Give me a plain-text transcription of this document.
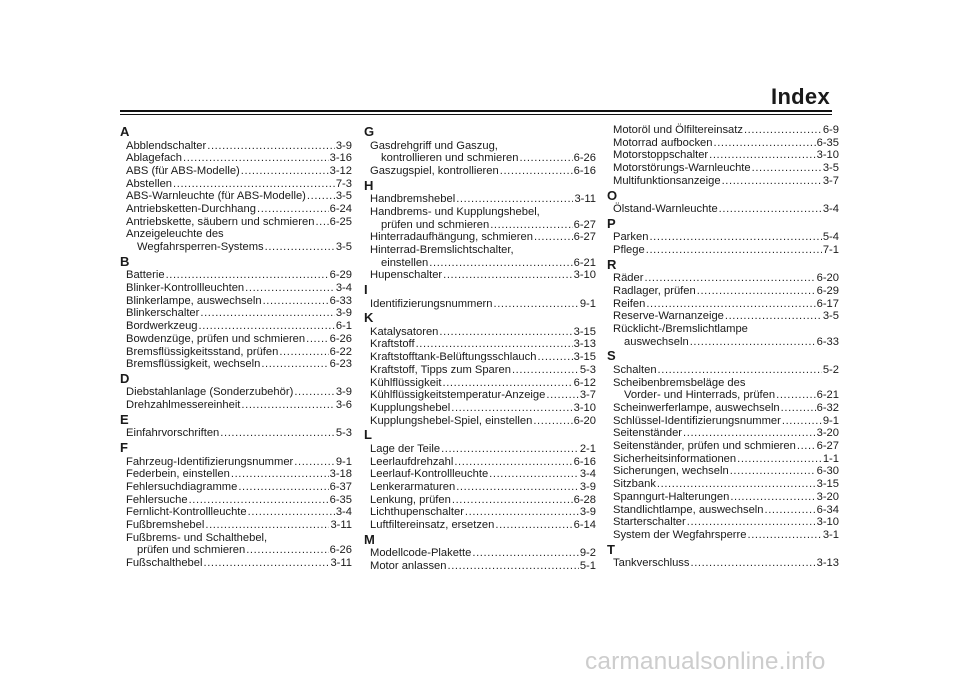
Index
A
Abblendschalter .....	3-9
Ablagefach .....	3-16
ABS (für ABS-Modelle) .....	3-12
Abstellen .....	7-3
ABS-Warnleuchte (für ABS-Modelle) .....	3-5
Antriebsketten-Durchhang .....	6-24
Antriebskette, säubern und schmieren ..... 6-25
Anzeigeleuchte des
Wegfahrsperren-Systems .....	3-5
B
Batterie .....	6-29
Blinker-Kontrollleuchten .....	3-4
Blinkerlampe, auswechseln .....	6-33
Blinkerschalter .....	3-9
Bordwerkzeug .....	6-1
Bowdenzüge, prüfen und schmieren ..... 6-26
Bremsflüssigkeitsstand, prüfen .....	6-22
Bremsflüssigkeit, wechseln .....	6-23
D
Diebstahlanlage (Sonderzubehör) .....	3-9
Drehzahlmessereinheit .....	3-6
E
Einfahrvorschriften .....	5-3
F
Fahrzeug-Identifizierungsnummer .....	9-1
Federbein, einstellen .....	3-18
Fehlersuchdiagramme .....	6-37
Fehlersuche .....	6-35
Fernlicht-Kontrollleuchte .....	3-4
Fußbremshebel .....	3-11
Fußbrems- und Schalthebel,
prüfen und schmieren .....	6-26
Fußschalthebel .....	3-11
G
Gasdrehgriff und Gaszug,
kontrollieren und schmieren .....	6-26
Gaszugspiel, kontrollieren .....	6-16
H
Handbremshebel .....	3-11
Handbrems- und Kupplungshebel,
prüfen und schmieren .....	6-27
Hinterradaufhängung, schmieren .....	6-27
Hinterrad-Bremslichtschalter,
einstellen .....	6-21
Hupenschalter .....	3-10
I
Identifizierungsnummern .....	9-1
K
Katalysatoren .....	3-15
Kraftstoff .....	3-13
Kraftstofftank-Belüftungsschlauch .....	3-15
Kraftstoff, Tipps zum Sparen .....	5-3
Kühlflüssigkeit .....	6-12
Kühlflüssigkeitstemperatur-Anzeige .....	3-7
Kupplungshebel .....	3-10
Kupplungshebel-Spiel, einstellen .....	6-20
L
Lage der Teile .....	2-1
Leerlaufdrehzahl .....	6-16
Leerlauf-Kontrollleuchte .....	3-4
Lenkerarmaturen .....	3-9
Lenkung, prüfen .....	6-28
Lichthupenschalter .....	3-9
Luftfiltereinsatz, ersetzen .....	6-14
M
Modellcode-Plakette .....	9-2
Motor anlassen .....	5-1
Motoröl und Ölfiltereinsatz .....	6-9
Motorrad aufbocken .....	6-35
Motorstoppschalter .....	3-10
Motorstörungs-Warnleuchte .....	3-5
Multifunktionsanzeige .....	3-7
O
Ölstand-Warnleuchte .....	3-4
P
Parken .....	5-4
Pflege .....	7-1
R
Räder .....	6-20
Radlager, prüfen .....	6-29
Reifen .....	6-17
Reserve-Warnanzeige .....	3-5
Rücklicht-/Bremslichtlampe
auswechseln .....	6-33
S
Schalten .....	5-2
Scheibenbremsbeläge des
Vorder- und Hinterrads, prüfen .....	6-21
Scheinwerferlampe, auswechseln .....	6-32
Schlüssel-Identifizierungsnummer .....	9-1
Seitenständer .....	3-20
Seitenständer, prüfen und schmieren ..... 6-27
Sicherheitsinformationen .....	1-1
Sicherungen, wechseln .....	6-30
Sitzbank .....	3-15
Spanngurt-Halterungen .....	3-20
Standlichtlampe, auswechseln .....	6-34
Starterschalter .....	3-10
System der Wegfahrsperre .....	3-1
T
Tankverschluss .....	3-13
carmanualsonline.info
